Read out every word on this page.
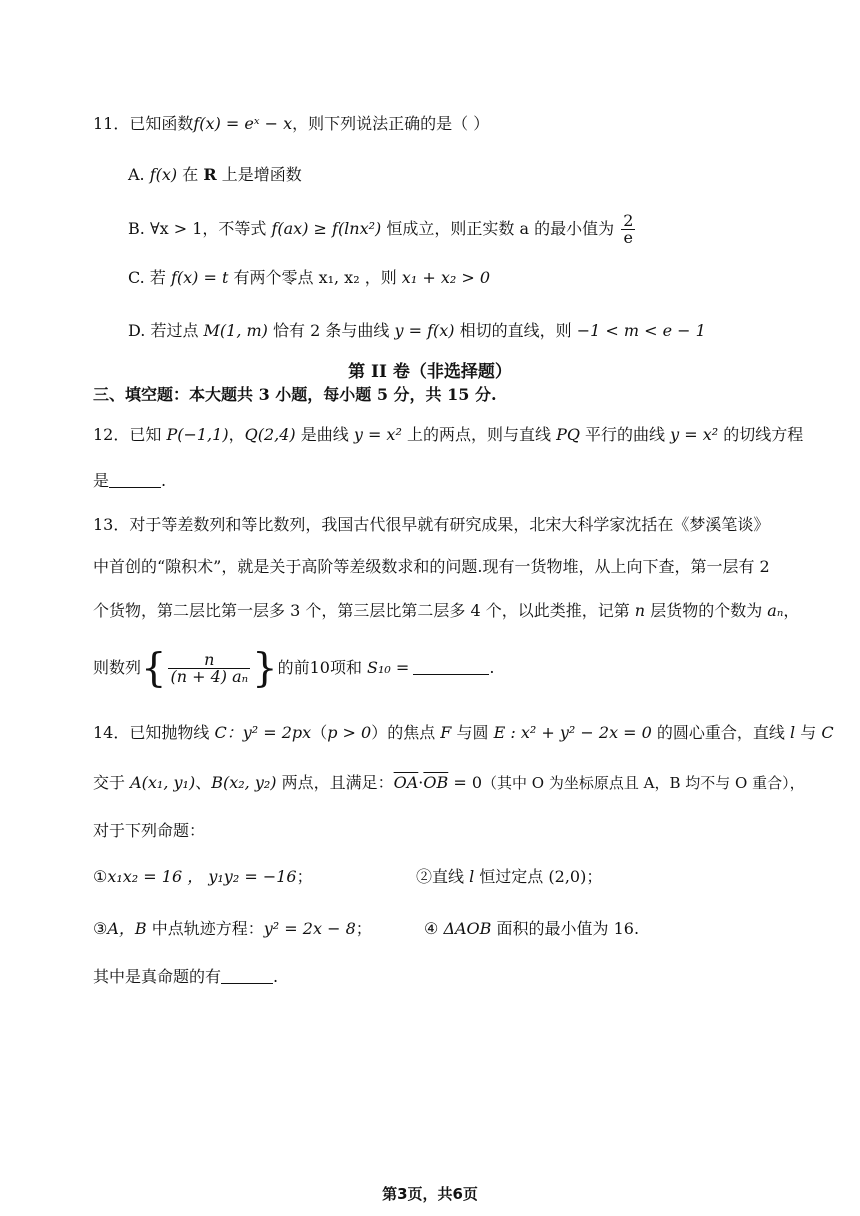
11．已知函数f(x) = eˣ − x，则下列说法正确的是（ ）
A. f(x) 在 R 上是增函数
B. ∀x > 1，不等式 f(ax) ≥ f(lnx²) 恒成立，则正实数 a 的最小值为 $\frac{2}{e}$
C. 若 f(x) = t 有两个零点 x₁, x₂ ，则 x₁ + x₂ > 0
D. 若过点 M(1, m) 恰有 2 条与曲线 y = f(x) 相切的直线，则 −1 < m < e − 1
第 II 卷（非选择题）
三、填空题：本大题共 3 小题，每小题 5 分，共 15 分.
12．已知 P(−1,1)，Q(2,4) 是曲线 y = x² 上的两点，则与直线 PQ 平行的曲线 y = x² 的切线方程
是	.
13．对于等差数列和等比数列，我国古代很早就有研究成果，北宋大科学家沈括在《梦溪笔谈》
中首创的“隙积术”，就是关于高阶等差级数求和的问题.现有一货物堆，从上向下查，第一层有 2
个货物，第二层比第一层多 3 个，第三层比第二层多 4 个，以此类推，记第 n 层货物的个数为 aₙ，
则数列{ $\frac{n}{\text{(n + 4) aₙ}}$ }的前10项和 S₁₀ =	.
14．已知抛物线 C：y² = 2px（p > 0）的焦点 F 与圆 E : x² + y² − 2x = 0 的圆心重合，直线 l 与 C
交于 A(x₁, y₁)、B(x₂, y₂) 两点，且满足：$\overline{OA}\cdot\overline{OB} = 0$（其中 O 为坐标原点且 A，B 均不与 O 重合），
对于下列命题：
①x₁x₂ = 16 ， y₁y₂ = −16；	②直线 l 恒过定点 (2,0)；
③A，B 中点轨迹方程：y² = 2x − 8；	④ ΔAOB 面积的最小值为 16.
其中是真命题的有	.
第3页，共6页
